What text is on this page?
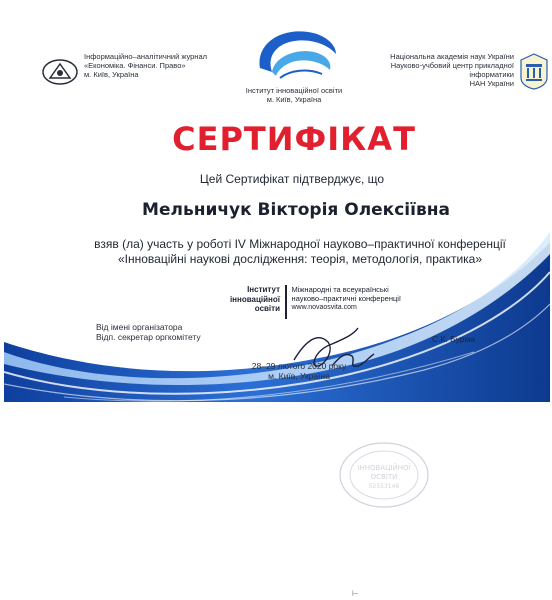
Інформаційно–аналітичний журнал
«Економіка. Фінанси. Право»
м. Київ, Україна
Інститут інноваційної освіти
м. Київ, Україна
Національна академія наук України
Науково-учбовий центр прикладної інформатики
НАН України
СЕРТИФІКАТ
Цей Сертифікат підтверджує, що
Мельничук Вікторія Олексіївна
взяв (ла) участь у роботі IV Міжнародної науково–практичної конференції
«Інноваційні наукові дослідження: теорія, методологія, практика»
Інститут
інноваційної
освіти
Міжнародні та всеукраїнські
науково–практичні конференції
www.novaosvita.com
Від імені організатора
Відп. секретар оргкомітету	С.К. Бурма
28–29 лютого 2020 року
м. Київ, Україна
ІННОВАЦІЙНОЇ
ОСВІТИ
52553146
⊢
